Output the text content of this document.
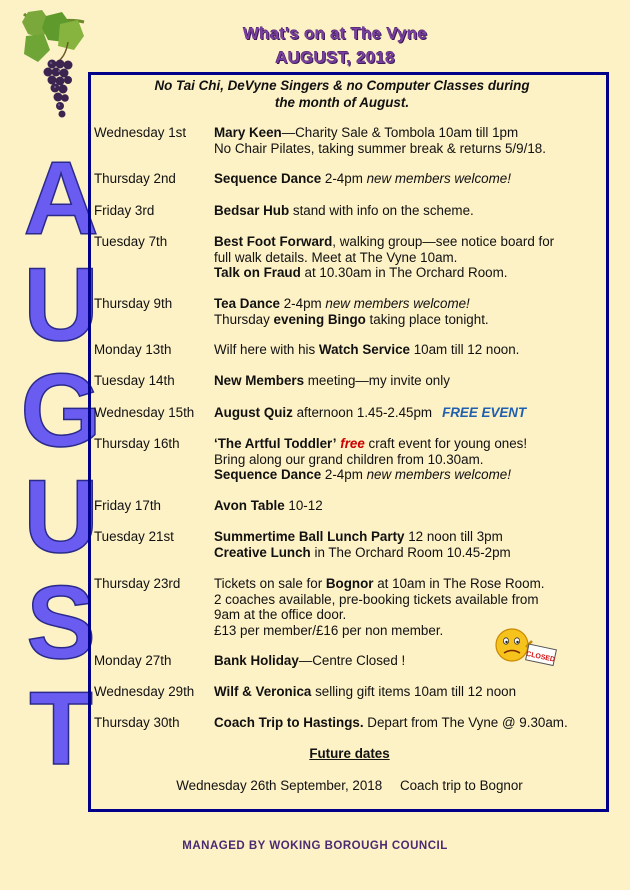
What's on at The Vyne
AUGUST, 2018
A
U
G
U
S
T
No Tai Chi, DeVyne Singers & no Computer Classes during
the month of August.
Wednesday 1st	Mary Keen—Charity Sale & Tombola 10am till 1pm
No Chair Pilates, taking summer break & returns 5/9/18.
Thursday 2nd	Sequence Dance 2-4pm new members welcome!
Friday 3rd	Bedsar Hub stand with info on the scheme.
Tuesday 7th	Best Foot Forward, walking group—see notice board for
full walk details. Meet at The Vyne 10am.
Talk on Fraud at 10.30am in The Orchard Room.
Thursday 9th	Tea Dance 2-4pm new members welcome!
Thursday evening Bingo taking place tonight.
Monday 13th	Wilf here with his Watch Service 10am till 12 noon.
Tuesday 14th	New Members meeting—my invite only
Wednesday 15th	August Quiz afternoon 1.45-2.45pm FREE EVENT
Thursday 16th	‘The Artful Toddler’ free craft event for young ones!
Bring along our grand children from 10.30am.
Sequence Dance 2-4pm new members welcome!
Friday 17th	Avon Table 10-12
Tuesday 21st	Summertime Ball Lunch Party 12 noon till 3pm
Creative Lunch in The Orchard Room 10.45-2pm
Thursday 23rd	Tickets on sale for Bognor at 10am in The Rose Room.
2 coaches available, pre-booking tickets available from
9am at the office door.
£13 per member/£16 per non member.
CLOSED
Monday 27th	Bank Holiday—Centre Closed !
Wednesday 29th	Wilf & Veronica selling gift items 10am till 12 noon
Thursday 30th	Coach Trip to Hastings. Depart from The Vyne @ 9.30am.
Future dates
Wednesday 26th September, 2018 Coach trip to Bognor
MANAGED BY WOKING BOROUGH COUNCIL
